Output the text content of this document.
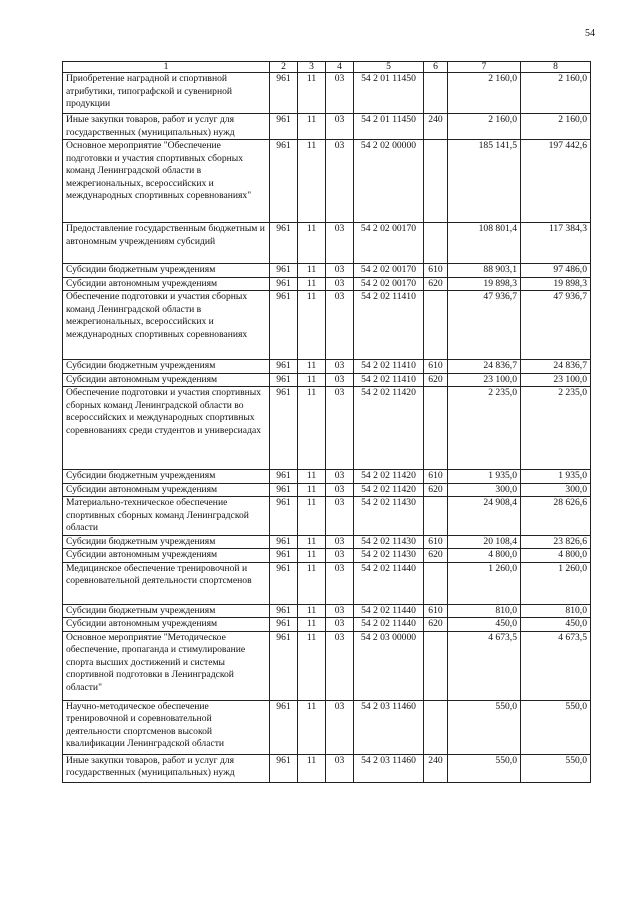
54
1	2	3	4	5	6	7	8
Приобретение наградной и спортивной атрибутики, типографской и сувенирной продукции	961	11	03	54 2 01 11450		2 160,0	2 160,0
Иные закупки товаров, работ и услуг для государственных (муниципальных) нужд	961	11	03	54 2 01 11450	240	2 160,0	2 160,0
Основное мероприятие "Обеспечение подготовки и участия спортивных сборных команд Ленинградской области в межрегиональных, всероссийских и международных спортивных соревнованиях"	961	11	03	54 2 02 00000		185 141,5	197 442,6
Предоставление государственным бюджетным и автономным учреждениям субсидий	961	11	03	54 2 02 00170		108 801,4	117 384,3
Субсидии бюджетным учреждениям	961	11	03	54 2 02 00170	610	88 903,1	97 486,0
Субсидии автономным учреждениям	961	11	03	54 2 02 00170	620	19 898,3	19 898,3
Обеспечение подготовки и участия сборных команд Ленинградской области в межрегиональных, всероссийских и международных спортивных соревнованиях	961	11	03	54 2 02 11410		47 936,7	47 936,7
Субсидии бюджетным учреждениям	961	11	03	54 2 02 11410	610	24 836,7	24 836,7
Субсидии автономным учреждениям	961	11	03	54 2 02 11410	620	23 100,0	23 100,0
Обеспечение подготовки и участия спортивных сборных команд Ленинградской области во всероссийских и международных спортивных соревнованиях среди студентов и универсиадах	961	11	03	54 2 02 11420		2 235,0	2 235,0
Субсидии бюджетным учреждениям	961	11	03	54 2 02 11420	610	1 935,0	1 935,0
Субсидии автономным учреждениям	961	11	03	54 2 02 11420	620	300,0	300,0
Материально-техническое обеспечение спортивных сборных команд Ленинградской области	961	11	03	54 2 02 11430		24 908,4	28 626,6
Субсидии бюджетным учреждениям	961	11	03	54 2 02 11430	610	20 108,4	23 826,6
Субсидии автономным учреждениям	961	11	03	54 2 02 11430	620	4 800,0	4 800,0
Медицинское обеспечение тренировочной и соревновательной деятельности спортсменов	961	11	03	54 2 02 11440		1 260,0	1 260,0
Субсидии бюджетным учреждениям	961	11	03	54 2 02 11440	610	810,0	810,0
Субсидии автономным учреждениям	961	11	03	54 2 02 11440	620	450,0	450,0
Основное мероприятие "Методическое обеспечение, пропаганда и стимулирование спорта высших достижений и системы спортивной подготовки в Ленинградской области"	961	11	03	54 2 03 00000		4 673,5	4 673,5
Научно-методическое обеспечение тренировочной и соревновательной деятельности спортсменов высокой квалификации Ленинградской области	961	11	03	54 2 03 11460		550,0	550,0
Иные закупки товаров, работ и услуг для государственных (муниципальных) нужд	961	11	03	54 2 03 11460	240	550,0	550,0
